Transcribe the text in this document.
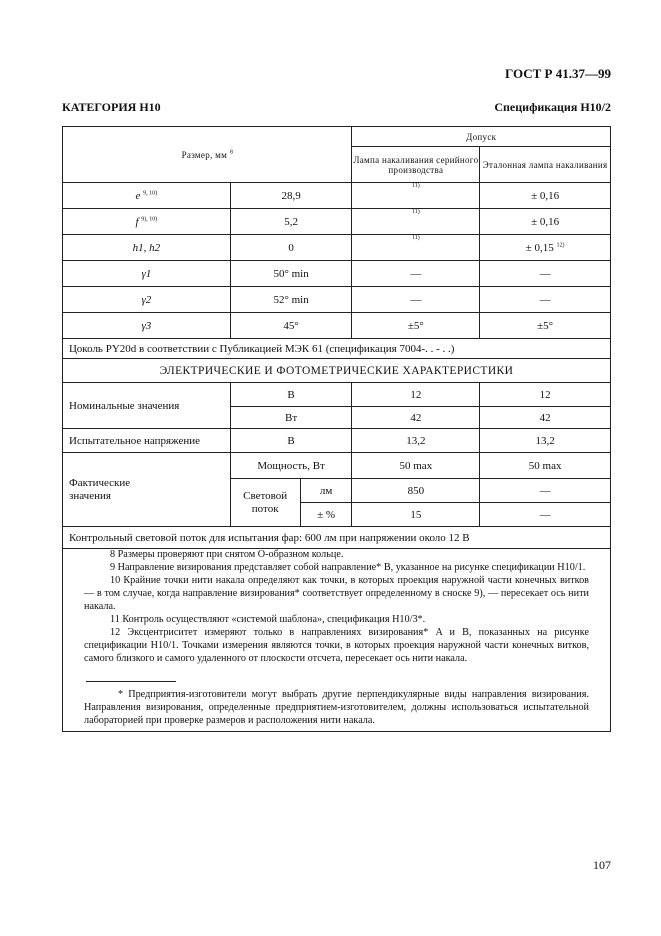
ГОСТ Р 41.37—99
КАТЕГОРИЯ H10	Спецификация H10/2
Размер, мм $^8$			Допуск	
			Лампа накаливания серийного производства	Эталонная лампа накаливания
e $^{9, 10)}$	28,9		11)	± 0,16
f $^{9), 10)}$	5,2		11)	± 0,16
h1, h2	0		11)	± 0,15 $^{12)}$
γ1	50° min		—	—
γ2	52° min		—	—
γ3	45°		±5°	±5°
Цоколь PY20d в соответствии с Публикацией МЭК 61 (спецификация 7004-. . - . .)				
ЭЛЕКТРИЧЕСКИЕ И ФОТОМЕТРИЧЕСКИЕ ХАРАКТЕРИСТИКИ				
Номинальные значения	В		12	12
	Вт		42	42
Испытательное напряжение	В		13,2	13,2

Фактические значения	Мощность, Вт		50 max	50 max

	Световой поток	лм	850	—
		± %	15	—
Контрольный световой поток для испытания фар: 600 лм при напряжении около 12 В				

8 Размеры проверяют при снятом O-образном кольце.

9 Направление визирования представляет собой направление* B, указанное на рисунке спецификации H10/1.

10 Крайние точки нити накала определяют как точки, в которых проекция наружной части конечных витков — в том случае, когда направление визирования* соответствует определенному в сноске 9), — пересекает ось нити накала.

11 Контроль осуществляют «системой шаблона», спецификация H10/3*.

12 Эксцентриситет измеряют только в направлениях визирования* A и B, показанных на рисунке спецификации H10/1. Точками измерения являются точки, в которых проекция наружной части конечных витков, самого близкого и самого удаленного от плоскости отсчета, пересекает ось нити накала.

* Предприятия-изготовители могут выбрать другие перпендикулярные виды направления визирования. Направления визирования, определенные предприятием-изготовителем, должны использоваться испытательной лабораторией при проверке размеров и расположения нити накала.

107
